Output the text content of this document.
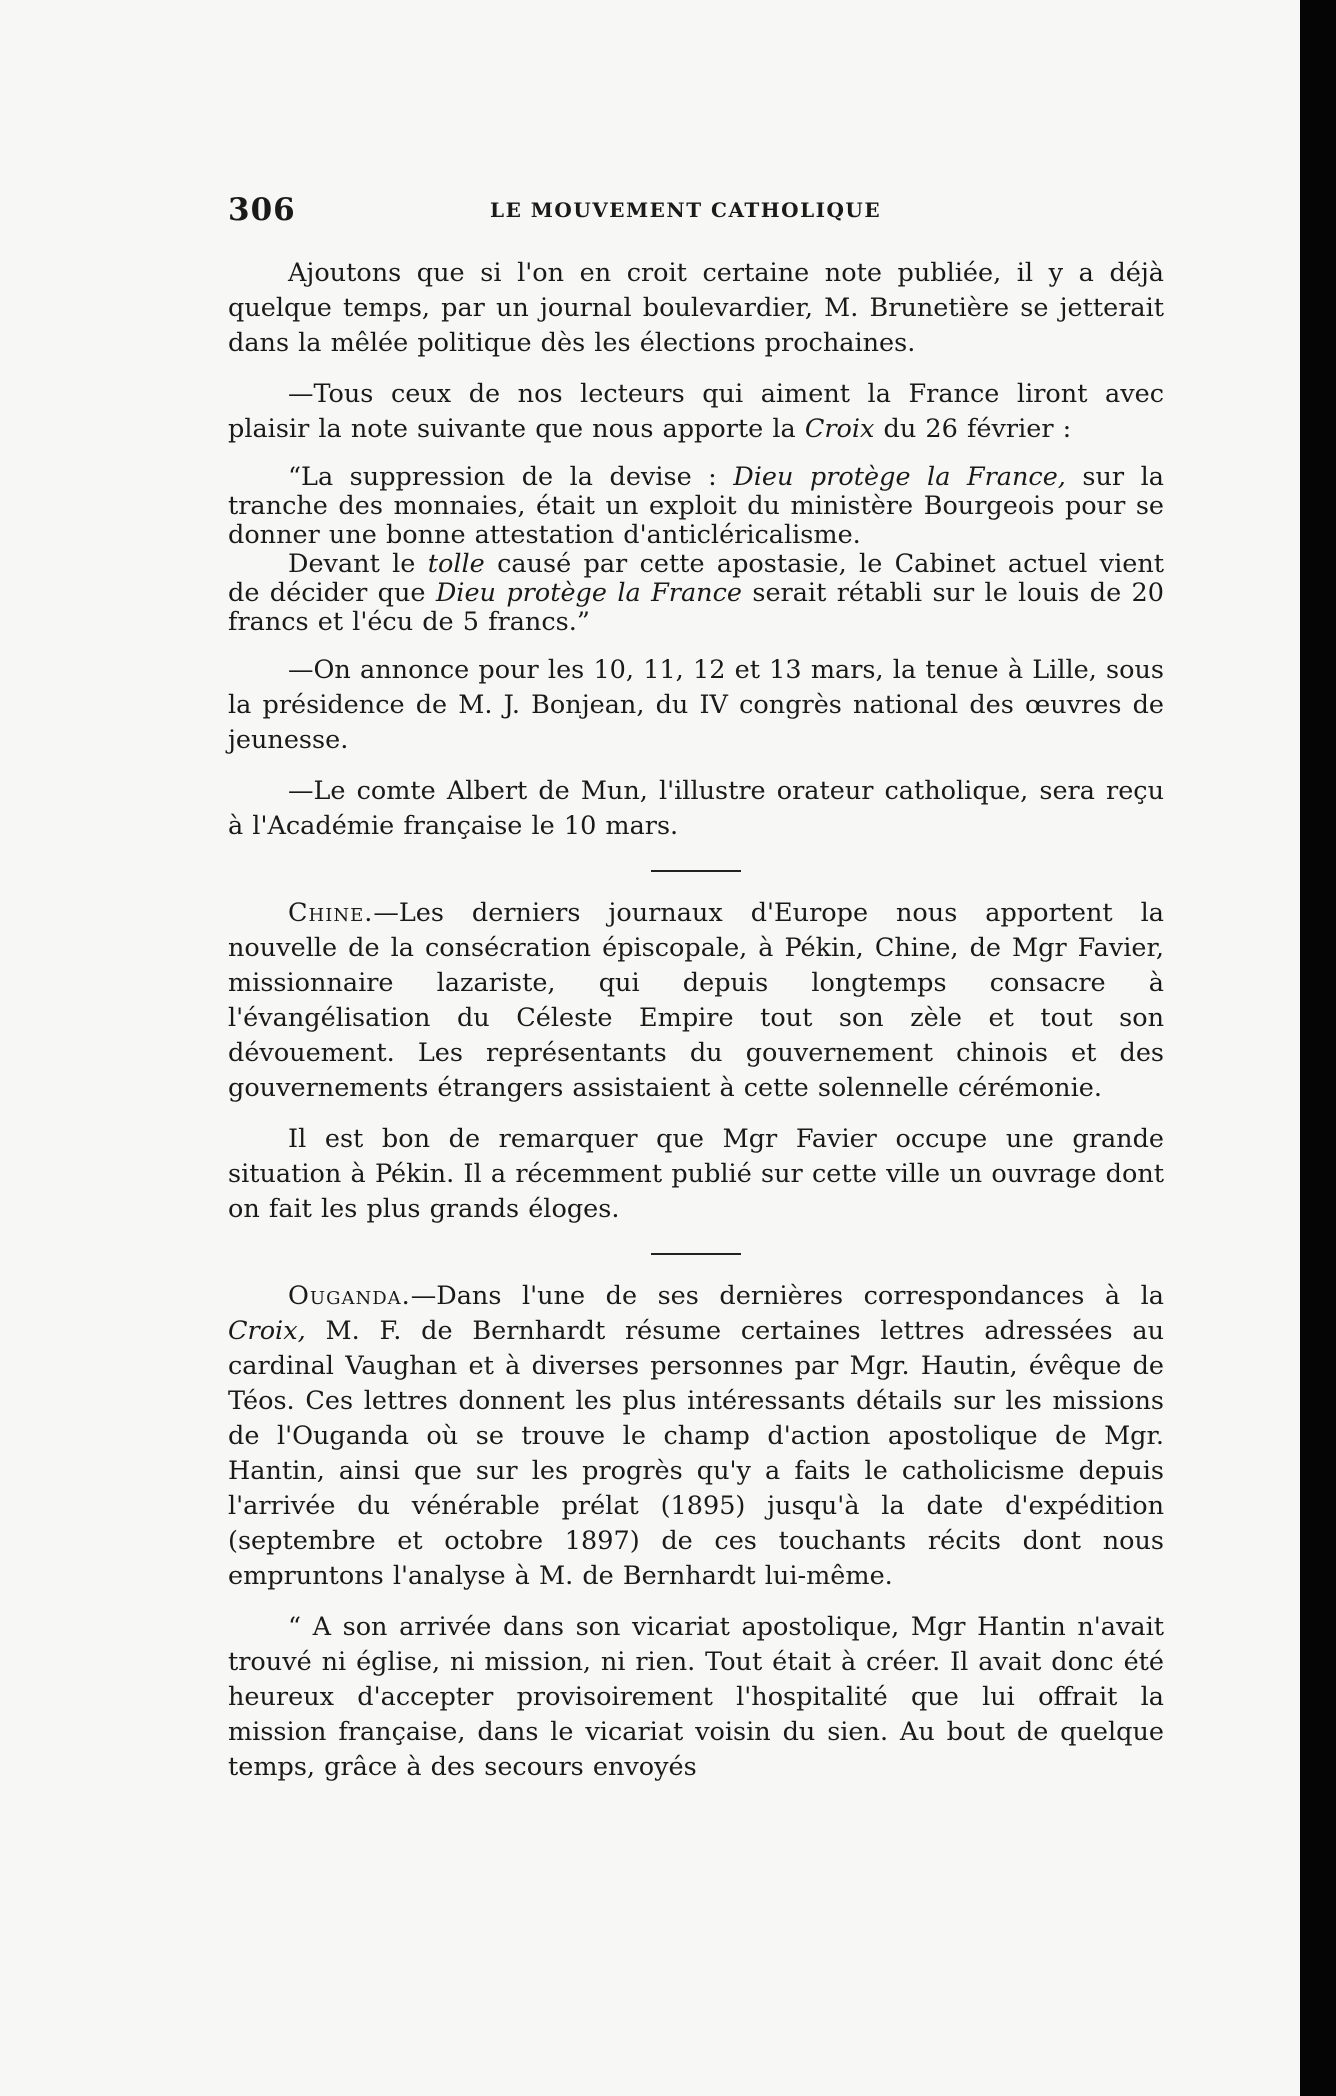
306	LE MOUVEMENT CATHOLIQUE

Ajoutons que si l'on en croit certaine note publiée, il y a déjà quelque temps, par un journal boulevardier, M. Brunetière se jetterait dans la mêlée politique dès les élections prochaines.

—Tous ceux de nos lecteurs qui aiment la France liront avec plaisir la note suivante que nous apporte la Croix du 26 février :

“La suppression de la devise : Dieu protège la France, sur la tranche des monnaies, était un exploit du ministère Bourgeois pour se donner une bonne attestation d'anticléricalisme.

Devant le tolle causé par cette apostasie, le Cabinet actuel vient de décider que Dieu protège la France serait rétabli sur le louis de 20 francs et l'écu de 5 francs.”

—On annonce pour les 10, 11, 12 et 13 mars, la tenue à Lille, sous la présidence de M. J. Bonjean, du IV congrès national des œuvres de jeunesse.

—Le comte Albert de Mun, l'illustre orateur catholique, sera reçu à l'Académie française le 10 mars.

Chine.—Les derniers journaux d'Europe nous apportent la nouvelle de la consécration épiscopale, à Pékin, Chine, de Mgr Favier, missionnaire lazariste, qui depuis longtemps consacre à l'évangélisation du Céleste Empire tout son zèle et tout son dévouement. Les représentants du gouvernement chinois et des gouvernements étrangers assistaient à cette solennelle cérémonie.

Il est bon de remarquer que Mgr Favier occupe une grande situation à Pékin. Il a récemment publié sur cette ville un ouvrage dont on fait les plus grands éloges.

Ouganda.—Dans l'une de ses dernières correspondances à la Croix, M. F. de Bernhardt résume certaines lettres adressées au cardinal Vaughan et à diverses personnes par Mgr. Hautin, évêque de Téos. Ces lettres donnent les plus intéressants détails sur les missions de l'Ouganda où se trouve le champ d'action apostolique de Mgr. Hantin, ainsi que sur les progrès qu'y a faits le catholicisme depuis l'arrivée du vénérable prélat (1895) jusqu'à la date d'expédition (septembre et octobre 1897) de ces touchants récits dont nous empruntons l'analyse à M. de Bernhardt lui-même.

“ A son arrivée dans son vicariat apostolique, Mgr Hantin n'avait trouvé ni église, ni mission, ni rien. Tout était à créer. Il avait donc été heureux d'accepter provisoirement l'hospitalité que lui offrait la mission française, dans le vicariat voisin du sien. Au bout de quelque temps, grâce à des secours envoyés
